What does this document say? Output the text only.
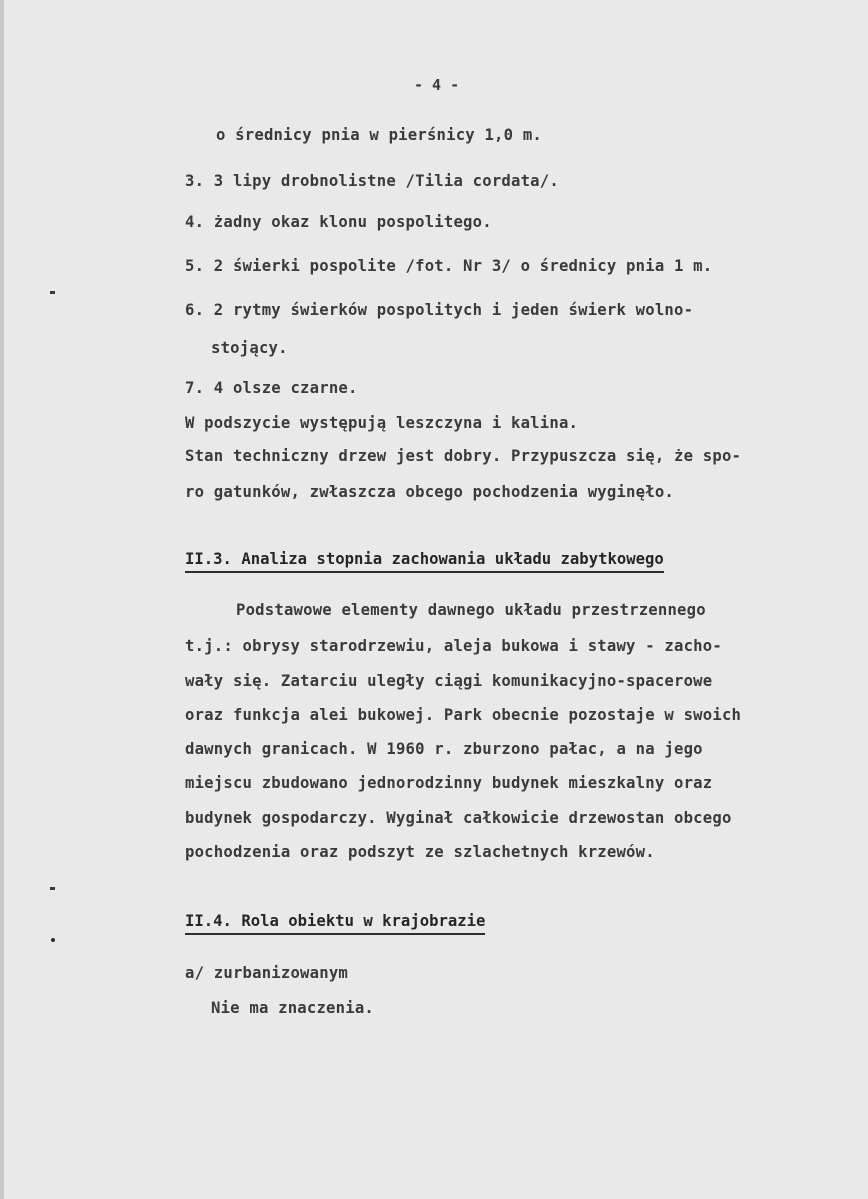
- 4 -
o średnicy pnia w pierśnicy 1,0 m.
3. 3 lipy drobnolistne /Tilia cordata/.
4. żadny okaz klonu pospolitego.
5. 2 świerki pospolite /fot. Nr 3/ o średnicy pnia 1 m.
6. 2 rytmy świerków pospolitych i jeden świerk wolno-
stojący.
7. 4 olsze czarne.
W podszycie występują leszczyna i kalina.
Stan techniczny drzew jest dobry. Przypuszcza się, że spo-
ro gatunków, zwłaszcza obcego pochodzenia wyginęło.
II.3. Analiza stopnia zachowania układu zabytkowego
Podstawowe elementy dawnego układu przestrzennego
t.j.: obrysy starodrzewiu, aleja bukowa i stawy - zacho-
wały się. Zatarciu uległy ciągi komunikacyjno-spacerowe
oraz funkcja alei bukowej. Park obecnie pozostaje w swoich
dawnych granicach. W 1960 r. zburzono pałac, a na jego
miejscu zbudowano jednorodzinny budynek mieszkalny oraz
budynek gospodarczy. Wyginał całkowicie drzewostan obcego
pochodzenia oraz podszyt ze szlachetnych krzewów.
II.4. Rola obiektu w krajobrazie
a/ zurbanizowanym
Nie ma znaczenia.
